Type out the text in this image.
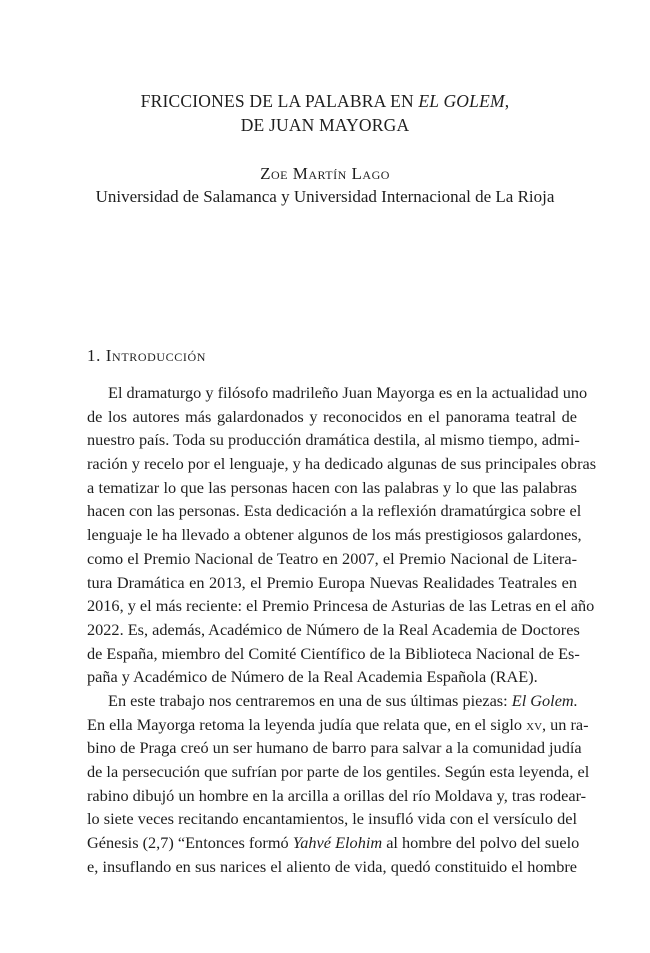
FRICCIONES DE LA PALABRA EN EL GOLEM,
DE JUAN MAYORGA
Zoe Martín Lago
Universidad de Salamanca y Universidad Internacional de La Rioja
1. Introducción
El dramaturgo y filósofo madrileño Juan Mayorga es en la actualidad uno
de los autores más galardonados y reconocidos en el panorama teatral de
nuestro país. Toda su producción dramática destila, al mismo tiempo, admi-
ración y recelo por el lenguaje, y ha dedicado algunas de sus principales obras
a tematizar lo que las personas hacen con las palabras y lo que las palabras
hacen con las personas. Esta dedicación a la reflexión dramatúrgica sobre el
lenguaje le ha llevado a obtener algunos de los más prestigiosos galardones,
como el Premio Nacional de Teatro en 2007, el Premio Nacional de Litera-
tura Dramática en 2013, el Premio Europa Nuevas Realidades Teatrales en
2016, y el más reciente: el Premio Princesa de Asturias de las Letras en el año
2022. Es, además, Académico de Número de la Real Academia de Doctores
de España, miembro del Comité Científico de la Biblioteca Nacional de Es-
paña y Académico de Número de la Real Academia Española (RAE).
En este trabajo nos centraremos en una de sus últimas piezas: El Golem.
En ella Mayorga retoma la leyenda judía que relata que, en el siglo xv, un ra-
bino de Praga creó un ser humano de barro para salvar a la comunidad judía
de la persecución que sufrían por parte de los gentiles. Según esta leyenda, el
rabino dibujó un hombre en la arcilla a orillas del río Moldava y, tras rodear-
lo siete veces recitando encantamientos, le insufló vida con el versículo del
Génesis (2,7) “Entonces formó Yahvé Elohim al hombre del polvo del suelo
e, insuflando en sus narices el aliento de vida, quedó constituido el hombre
